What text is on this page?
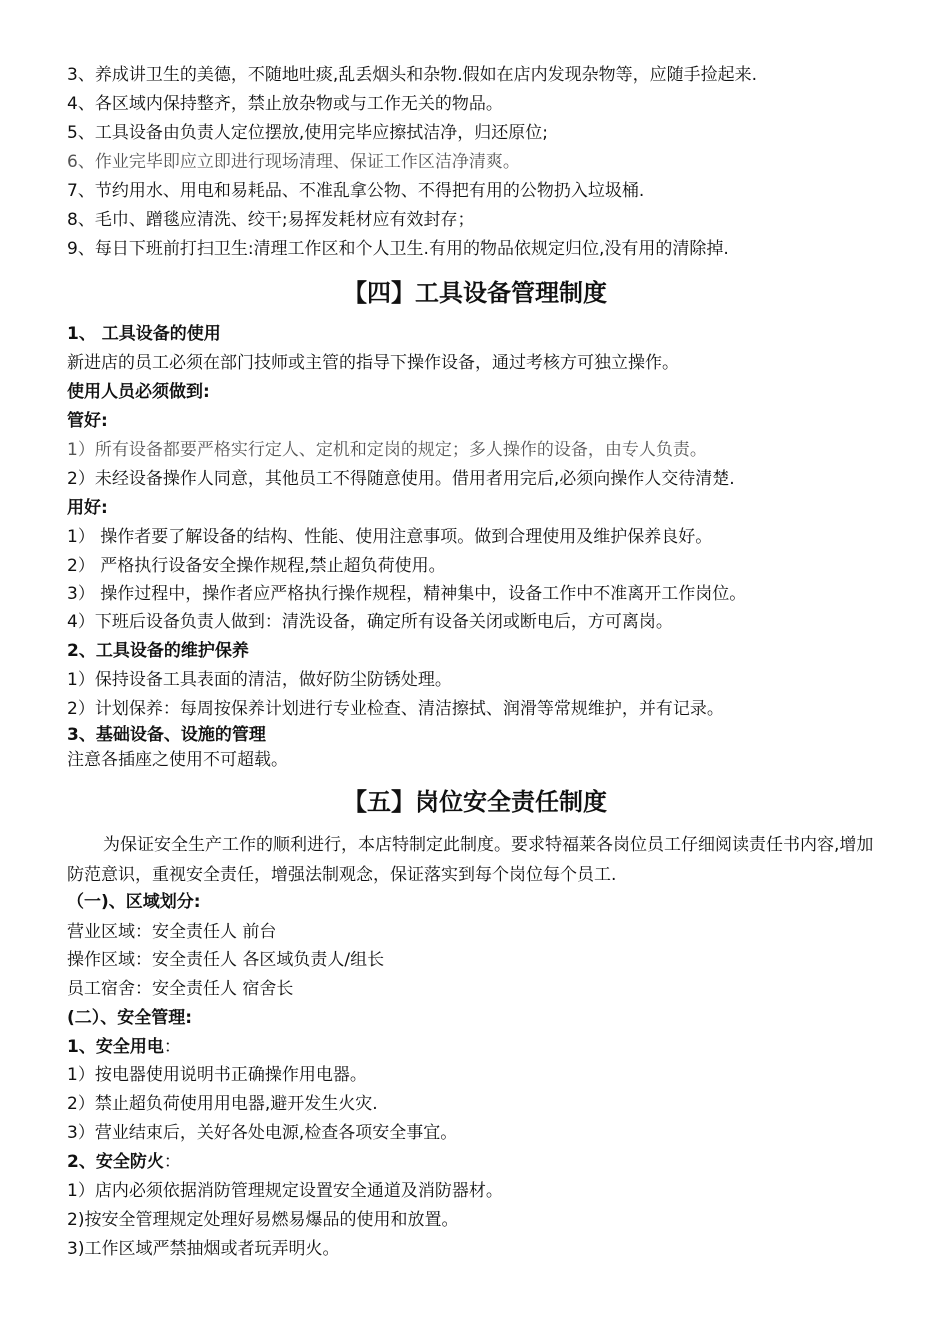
3、养成讲卫生的美德，不随地吐痰,乱丢烟头和杂物.假如在店内发现杂物等，应随手捡起来.
4、各区域内保持整齐，禁止放杂物或与工作无关的物品。
5、工具设备由负责人定位摆放,使用完毕应擦拭洁净，归还原位;
6、作业完毕即应立即进行现场清理、保证工作区洁净清爽。
7、节约用水、用电和易耗品、不准乱拿公物、不得把有用的公物扔入垃圾桶.
8、毛巾、蹭毯应清洗、绞干;易挥发耗材应有效封存；
9、每日下班前打扫卫生:清理工作区和个人卫生.有用的物品依规定归位,没有用的清除掉.
【四】工具设备管理制度
1、 工具设备的使用
新进店的员工必须在部门技师或主管的指导下操作设备，通过考核方可独立操作。
使用人员必须做到:
管好:
1）所有设备都要严格实行定人、定机和定岗的规定；多人操作的设备，由专人负责。
2）未经设备操作人同意，其他员工不得随意使用。借用者用完后,必须向操作人交待清楚.
用好:
1） 操作者要了解设备的结构、性能、使用注意事项。做到合理使用及维护保养良好。
2） 严格执行设备安全操作规程,禁止超负荷使用。
3） 操作过程中，操作者应严格执行操作规程，精神集中，设备工作中不准离开工作岗位。
4）下班后设备负责人做到：清洗设备，确定所有设备关闭或断电后，方可离岗。
2、工具设备的维护保养
1）保持设备工具表面的清洁，做好防尘防锈处理。
2）计划保养：每周按保养计划进行专业检查、清洁擦拭、润滑等常规维护，并有记录。
3、基础设备、设施的管理
注意各插座之使用不可超载。
【五】岗位安全责任制度
为保证安全生产工作的顺利进行，本店特制定此制度。要求特福莱各岗位员工仔细阅读责任书内容,增加防范意识，重视安全责任，增强法制观念，保证落实到每个岗位每个员工.
（一)、区域划分:
营业区域：安全责任人 前台
操作区域：安全责任人 各区域负责人/组长
员工宿舍：安全责任人 宿舍长
(二）、安全管理:
1、安全用电：
1）按电器使用说明书正确操作用电器。
2）禁止超负荷使用用电器,避开发生火灾.
3）营业结束后，关好各处电源,检查各项安全事宜。
2、安全防火：
1）店内必须依据消防管理规定设置安全通道及消防器材。
2)按安全管理规定处理好易燃易爆品的使用和放置。
3)工作区域严禁抽烟或者玩弄明火。
